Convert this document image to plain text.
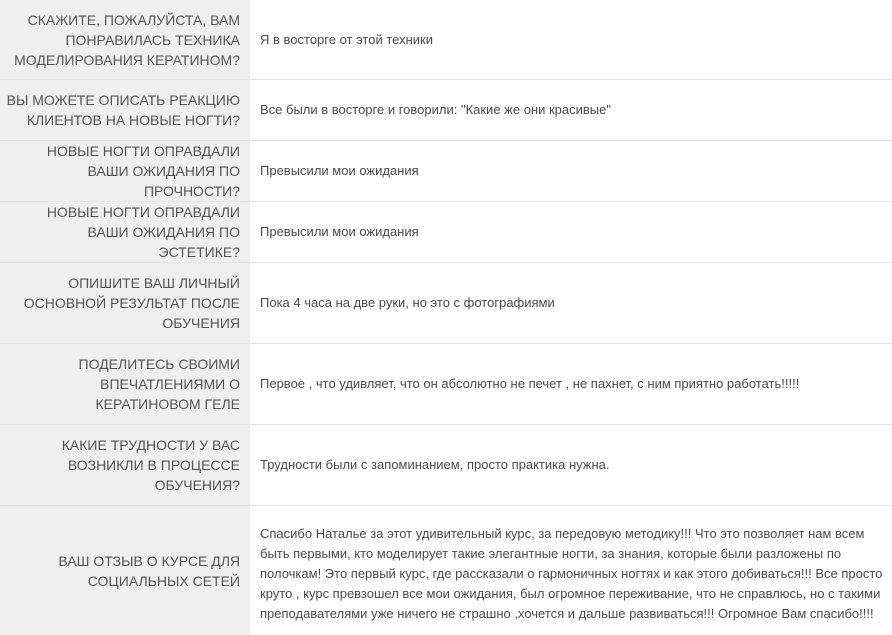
СКАЖИТЕ, ПОЖАЛУЙСТА, ВАМ ПОНРАВИЛАСЬ ТЕХНИКА МОДЕЛИРОВАНИЯ КЕРАТИНОМ?
Я в восторге от этой техники
ВЫ МОЖЕТЕ ОПИСАТЬ РЕАКЦИЮ КЛИЕНТОВ НА НОВЫЕ НОГТИ?
Все были в восторге и говорили: "Какие же они красивые"
НОВЫЕ НОГТИ ОПРАВДАЛИ ВАШИ ОЖИДАНИЯ ПО ПРОЧНОСТИ?
Превысили мои ожидания
НОВЫЕ НОГТИ ОПРАВДАЛИ ВАШИ ОЖИДАНИЯ ПО ЭСТЕТИКЕ?
Превысили мои ожидания
ОПИШИТЕ ВАШ ЛИЧНЫЙ ОСНОВНОЙ РЕЗУЛЬТАТ ПОСЛЕ ОБУЧЕНИЯ
Пока 4 часа на две руки, но это с фотографиями
ПОДЕЛИТЕСЬ СВОИМИ ВПЕЧАТЛЕНИЯМИ О КЕРАТИНОВОМ ГЕЛЕ
Первое , что удивляет, что он абсолютно не печет , не пахнет, с ним приятно работать!!!!!
КАКИЕ ТРУДНОСТИ У ВАС ВОЗНИКЛИ В ПРОЦЕССЕ ОБУЧЕНИЯ?
Трудности были с запоминанием, просто практика нужна.
ВАШ ОТЗЫВ О КУРСЕ ДЛЯ СОЦИАЛЬНЫХ СЕТЕЙ
Спасибо Наталье за этот удивительный курс, за передовую методику!!! Что это позволяет нам всем быть первыми, кто моделирует такие элегантные ногти, за знания, которые были разложены по полочкам! Это первый курс, где рассказали о гармоничных ногтях и как этого добиваться!!! Все просто круто , курс превзошел все мои ожидания, был огромное переживание, что не справлюсь, но с такими преподавателями уже ничего не страшно ,хочется и дальше развиваться!!! Огромное Вам спасибо!!!!
